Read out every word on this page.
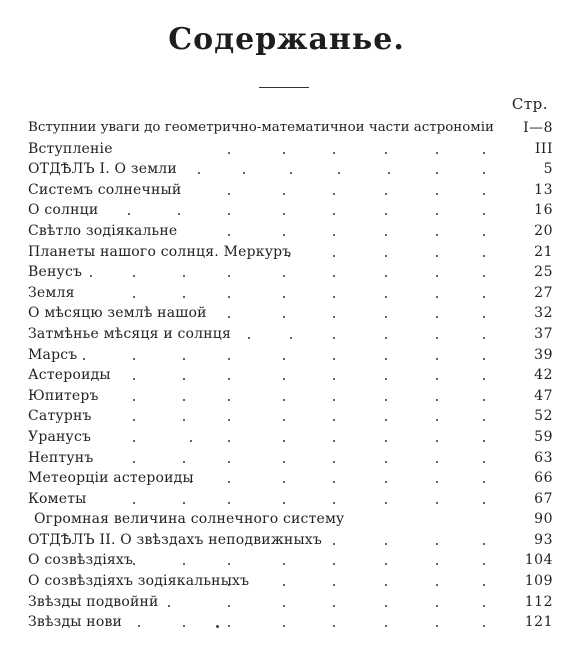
Содержанье.
Стр.
Вступнии уваги до геометрично-математичнои части астрономіи	I—8
Вступленіе	III
ОТДѢЛЪ I. О земли	5
Системъ солнечный	13
О солнци	16
Свѣтло зодіякальне	20
Планеты нашого солнця. Меркуръ	21
Венусъ	25
Земля	27
О мѣсяцю землѣ нашой	32
Затмѣнье мѣсяця и солнця	37
Марсъ	39
Астероиды	42
Юпитеръ	47
Сатурнъ	52
Уранусъ	59
Нептунъ	63
Метеорціи астероиды	66
Кометы	67
Огромная величина солнечного системy	90
ОТДѢЛЪ II. О звѣздахъ неподвижныхъ	93
О созвѣздіяхъ	104
О созвѣздіяхъ зодіякальныхъ	109
Звѣзды подвойнй	112
Звѣзды нови	121
